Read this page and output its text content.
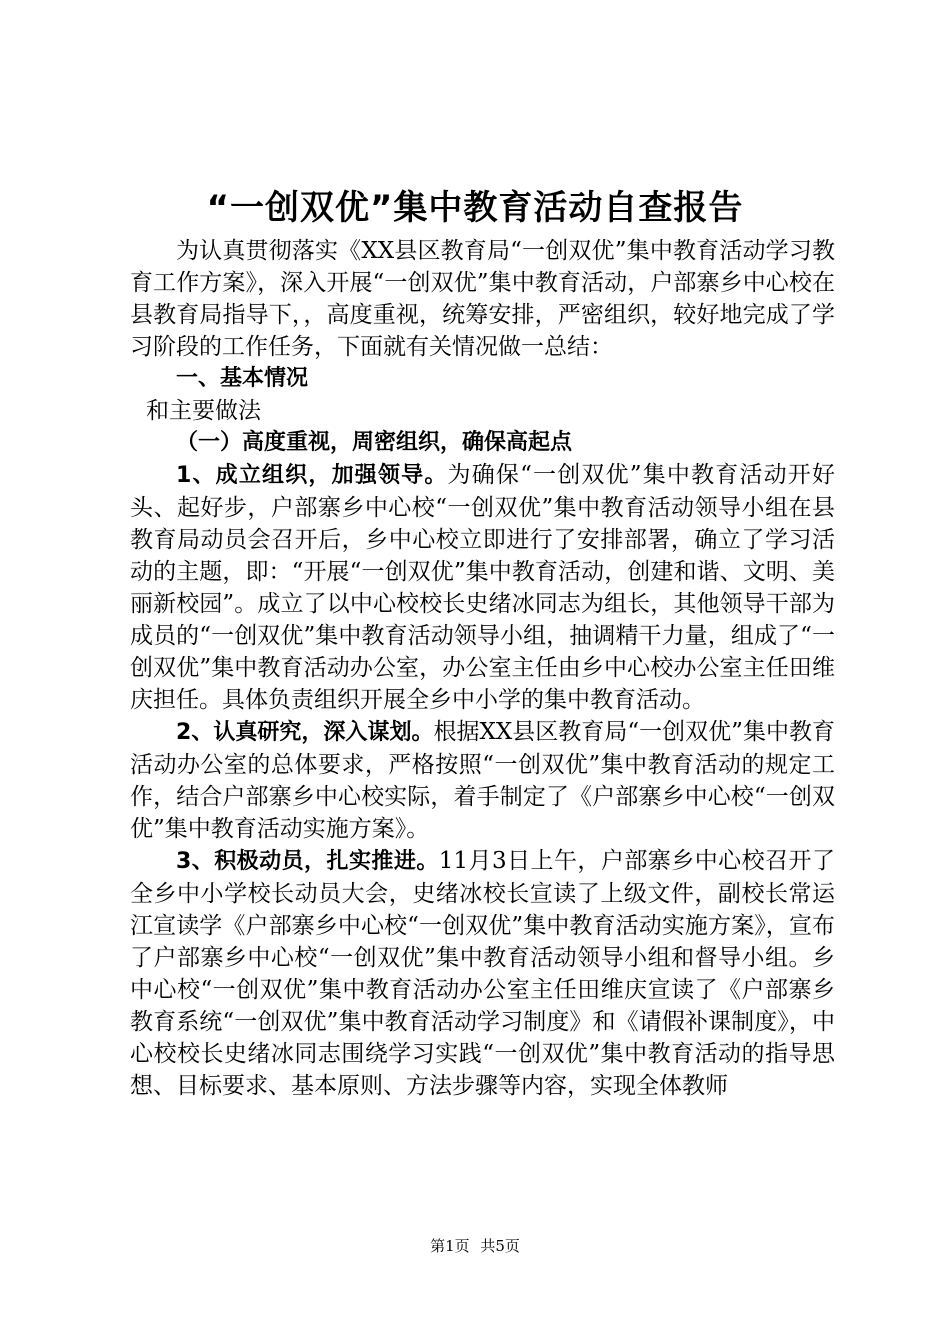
“一创双优”集中教育活动自查报告

为认真贯彻落实《XX县区教育局“一创双优”集中教育活动学习教育工作方案》，深入开展“一创双优”集中教育活动，户部寨乡中心校在县教育局指导下，，高度重视，统筹安排，严密组织，较好地完成了学习阶段的工作任务，下面就有关情况做一总结：

一、基本情况

和主要做法

（一）高度重视，周密组织，确保高起点

1、成立组织，加强领导。为确保“一创双优”集中教育活动开好头、起好步，户部寨乡中心校“一创双优”集中教育活动领导小组在县教育局动员会召开后，乡中心校立即进行了安排部署，确立了学习活动的主题，即：“开展“一创双优”集中教育活动，创建和谐、文明、美丽新校园”。成立了以中心校校长史绪冰同志为组长，其他领导干部为成员的“一创双优”集中教育活动领导小组，抽调精干力量，组成了“一创双优”集中教育活动办公室，办公室主任由乡中心校办公室主任田维庆担任。具体负责组织开展全乡中小学的集中教育活动。

2、认真研究，深入谋划。根据XX县区教育局“一创双优”集中教育活动办公室的总体要求，严格按照“一创双优”集中教育活动的规定工作，结合户部寨乡中心校实际，着手制定了《户部寨乡中心校“一创双优”集中教育活动实施方案》。

3、积极动员，扎实推进。11月3日上午，户部寨乡中心校召开了全乡中小学校长动员大会，史绪冰校长宣读了上级文件，副校长常运江宣读学《户部寨乡中心校“一创双优”集中教育活动实施方案》，宣布了户部寨乡中心校“一创双优”集中教育活动领导小组和督导小组。乡中心校“一创双优”集中教育活动办公室主任田维庆宣读了《户部寨乡教育系统“一创双优”集中教育活动学习制度》和《请假补课制度》，中心校校长史绪冰同志围绕学习实践“一创双优”集中教育活动的指导思想、目标要求、基本原则、方法步骤等内容，实现全体教师

第1页 共5页
